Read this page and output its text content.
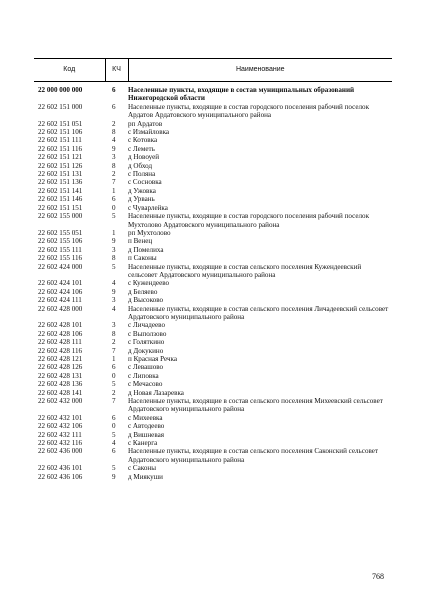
Код	КЧ	Наименование
22 000 000 000	6	Населенные пункты, входящие в состав муниципальных образований Нижегородской области
22 602 151 000	6	Населенные пункты, входящие в состав городского поселения рабочий поселок Ардатов Ардатовского муниципального района
22 602 151 051	2	рп Ардатов
22 602 151 106	8	с Измайловка
22 602 151 111	4	с Котовка
22 602 151 116	9	с Леметь
22 602 151 121	3	д Новоуей
22 602 151 126	8	д Обход
22 602 151 131	2	с Поляна
22 602 151 136	7	с Сосновка
22 602 151 141	1	д Ужовка
22 602 151 146	6	д Урвань
22 602 151 151	0	с Чуварлейка
22 602 155 000	5	Населенные пункты, входящие в состав городского поселения рабочий поселок Мухтолово Ардатовского муниципального района
22 602 155 051	1	рп Мухтолово
22 602 155 106	9	п Венец
22 602 155 111	3	д Помелиха
22 602 155 116	8	п Саконы
22 602 424 000	5	Населенные пункты, входящие в состав сельского поселения Кужендеевский сельсовет Ардатовского муниципального района
22 602 424 101	4	с Кужендеево
22 602 424 106	9	д Беляево
22 602 424 111	3	д Высоково
22 602 428 000	4	Населенные пункты, входящие в состав сельского поселения Личадеевский сельсовет Ардатовского муниципального района
22 602 428 101	3	с Личадеево
22 602 428 106	8	с Выползово
22 602 428 111	2	с Голяткино
22 602 428 116	7	д Докукино
22 602 428 121	1	п Красная Речка
22 602 428 126	6	с Левашово
22 602 428 131	0	с Липовка
22 602 428 136	5	с Мечасово
22 602 428 141	2	д Новая Лазаревка
22 602 432 000	7	Населенные пункты, входящие в состав сельского поселения Михеевский сельсовет Ардатовского муниципального района
22 602 432 101	6	с Михеевка
22 602 432 106	0	с Автодеево
22 602 432 111	5	д Вишневая
22 602 432 116	4	с Канерга
22 602 436 000	6	Населенные пункты, входящие в состав сельского поселения Саконский сельсовет Ардатовского муниципального района
22 602 436 101	5	с Саконы
22 602 436 106	9	д Миякуши
768
